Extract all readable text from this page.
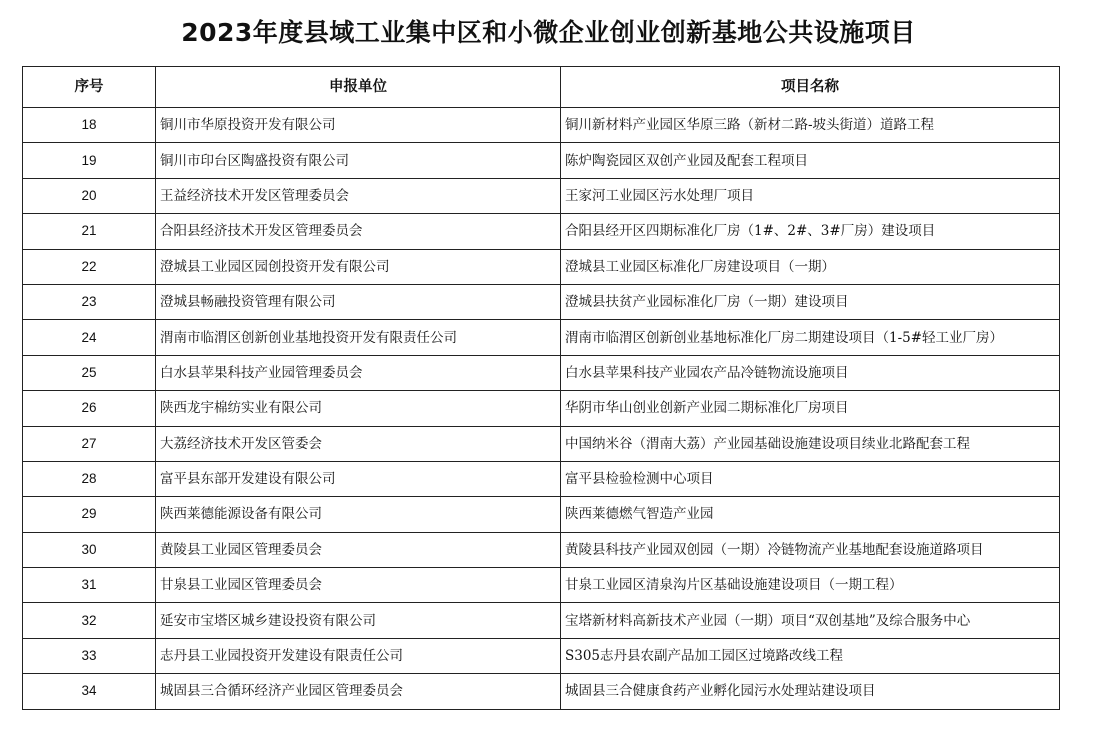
2023年度县域工业集中区和小微企业创业创新基地公共设施项目
序号	申报单位	项目名称
18	铜川市华原投资开发有限公司	铜川新材料产业园区华原三路（新材二路-坡头街道）道路工程
19	铜川市印台区陶盛投资有限公司	陈炉陶瓷园区双创产业园及配套工程项目
20	王益经济技术开发区管理委员会	王家河工业园区污水处理厂项目
21	合阳县经济技术开发区管理委员会	合阳县经开区四期标准化厂房（1#、2#、3#厂房）建设项目
22	澄城县工业园区园创投资开发有限公司	澄城县工业园区标准化厂房建设项目（一期）
23	澄城县畅融投资管理有限公司	澄城县扶贫产业园标准化厂房（一期）建设项目
24	渭南市临渭区创新创业基地投资开发有限责任公司	渭南市临渭区创新创业基地标准化厂房二期建设项目（1-5#轻工业厂房）
25	白水县苹果科技产业园管理委员会	白水县苹果科技产业园农产品冷链物流设施项目
26	陕西龙宇棉纺实业有限公司	华阴市华山创业创新产业园二期标准化厂房项目
27	大荔经济技术开发区管委会	中国纳米谷（渭南大荔）产业园基础设施建设项目续业北路配套工程
28	富平县东部开发建设有限公司	富平县检验检测中心项目
29	陕西莱德能源设备有限公司	陕西莱德燃气智造产业园
30	黄陵县工业园区管理委员会	黄陵县科技产业园双创园（一期）冷链物流产业基地配套设施道路项目
31	甘泉县工业园区管理委员会	甘泉工业园区清泉沟片区基础设施建设项目（一期工程）
32	延安市宝塔区城乡建设投资有限公司	宝塔新材料高新技术产业园（一期）项目“双创基地”及综合服务中心
33	志丹县工业园投资开发建设有限责任公司	S305志丹县农副产品加工园区过境路改线工程
34	城固县三合循环经济产业园区管理委员会	城固县三合健康食药产业孵化园污水处理站建设项目
